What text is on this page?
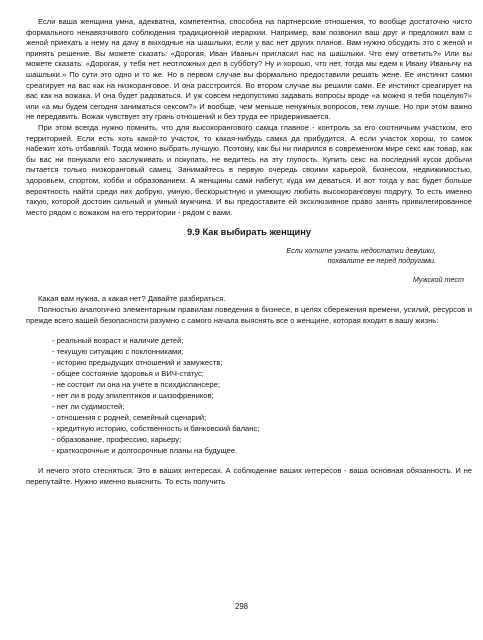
Если ваша женщина умна, адекватна, компетентна, способна на партнерские отношения, то вообще достаточно чисто формального ненавязчивого соблюдения традиционной иерархии. Например, вам позвонил ваш друг и предложил вам с женой приехать к нему на дачу в выходные на шашлыки, если у вас нет других планов. Вам нужно обсудить это с женой и принять решение. Вы можете сказать: «Дорогая, Иван Иваныч пригласил нас на шашлыки. Что ему ответить?» Или вы можете сказать: «Дорогая, у тебя нет неотложных дел в субботу? Ну и хорошо, что нет, тогда мы едем к Ивану Иванычу на шашлыки.» По сути это одно и то же. Но в первом случае вы формально предоставили решать жене. Ее инстинкт самки среагирует на вас как на низкоранговое. И она расстроится. Во втором случае вы решили сами. Ее инстинкт среагирует на вас как на вожака. И она будет радоваться. И уж совсем недопустимо задавать вопросы вроде «а можно я тебя поцелую?» или «а мы будем сегодня заниматься сексом?» И вообще, чем меньше ненужных вопросов, тем лучше. Но при этом важно не передавить. Вожак чувствует эту грань отношений и без труда ее придерживается.

При этом всегда нужно помнить, что для высокорангового самца главное - контроль за его охотничьим участком, его территорией. Если есть хоть какой-то участок, то какая-нибудь самка да прибудится. А если участок хорош, то самок набежит хоть отбавляй. Тогда можно выбрать лучшую. Поэтому, как бы ни пиарился в современном мире секс как товар, как бы вас ни понукали его заслуживать и покупать, не ведитесь на эту глупость. Купить секс на последний кусок добычи пытается только низкоранговый самец. Занимайтесь в первую очередь своими карьерой, бизнесом, недвижимостью, здоровьем, спортом, хобби и образованием. А женщины сами набегут, куда им деваться. И вот тогда у вас будет больше вероятность найти среди них добрую, умную, бескорыстную и умеющую любить высокоранговую подругу. То есть именно такую, которой достоин сильный и умный мужчина. И вы предоставите ей эксклюзивное право занять привилегированное место рядом с вожаком на его территории - рядом с вами.

9.9 Как выбирать женщину
Если хотите узнать недостатки девушки,
похвалите ее перед подругами.
Мужской тест

Какая вам нужна, а какая нет? Давайте разбираться.

Полностью аналогично элементарным правилам поведения в бизнесе, в целях сбережения времени, усилий, ресурсов и прежде всего вашей безопасности разумно с самого начала выяснять все о женщине, которая входит в вашу жизнь:

- реальный возраст и наличие детей;
- текущую ситуацию с поклонниками;
- историю предыдущих отношений и замужеств;
- общее состояние здоровья и ВИЧ-статус;
- не состоит ли она на учёте в психдиспансере;
- нет ли в роду эпилептиков и шизофреников;
- нет ли судимостей;
- отношения с родней, семейный сценарий;
- кредитную историю, собственность и банковский баланс;
- образование, профессию, карьеру;
- краткосрочные и долгосрочные планы на будущее.

И нечего этого стесняться. Это в ваших интересах. А соблюдение ваших интересов - ваша основная обязанность. И не перепутайте. Нужно именно выяснить. То есть получить

298
